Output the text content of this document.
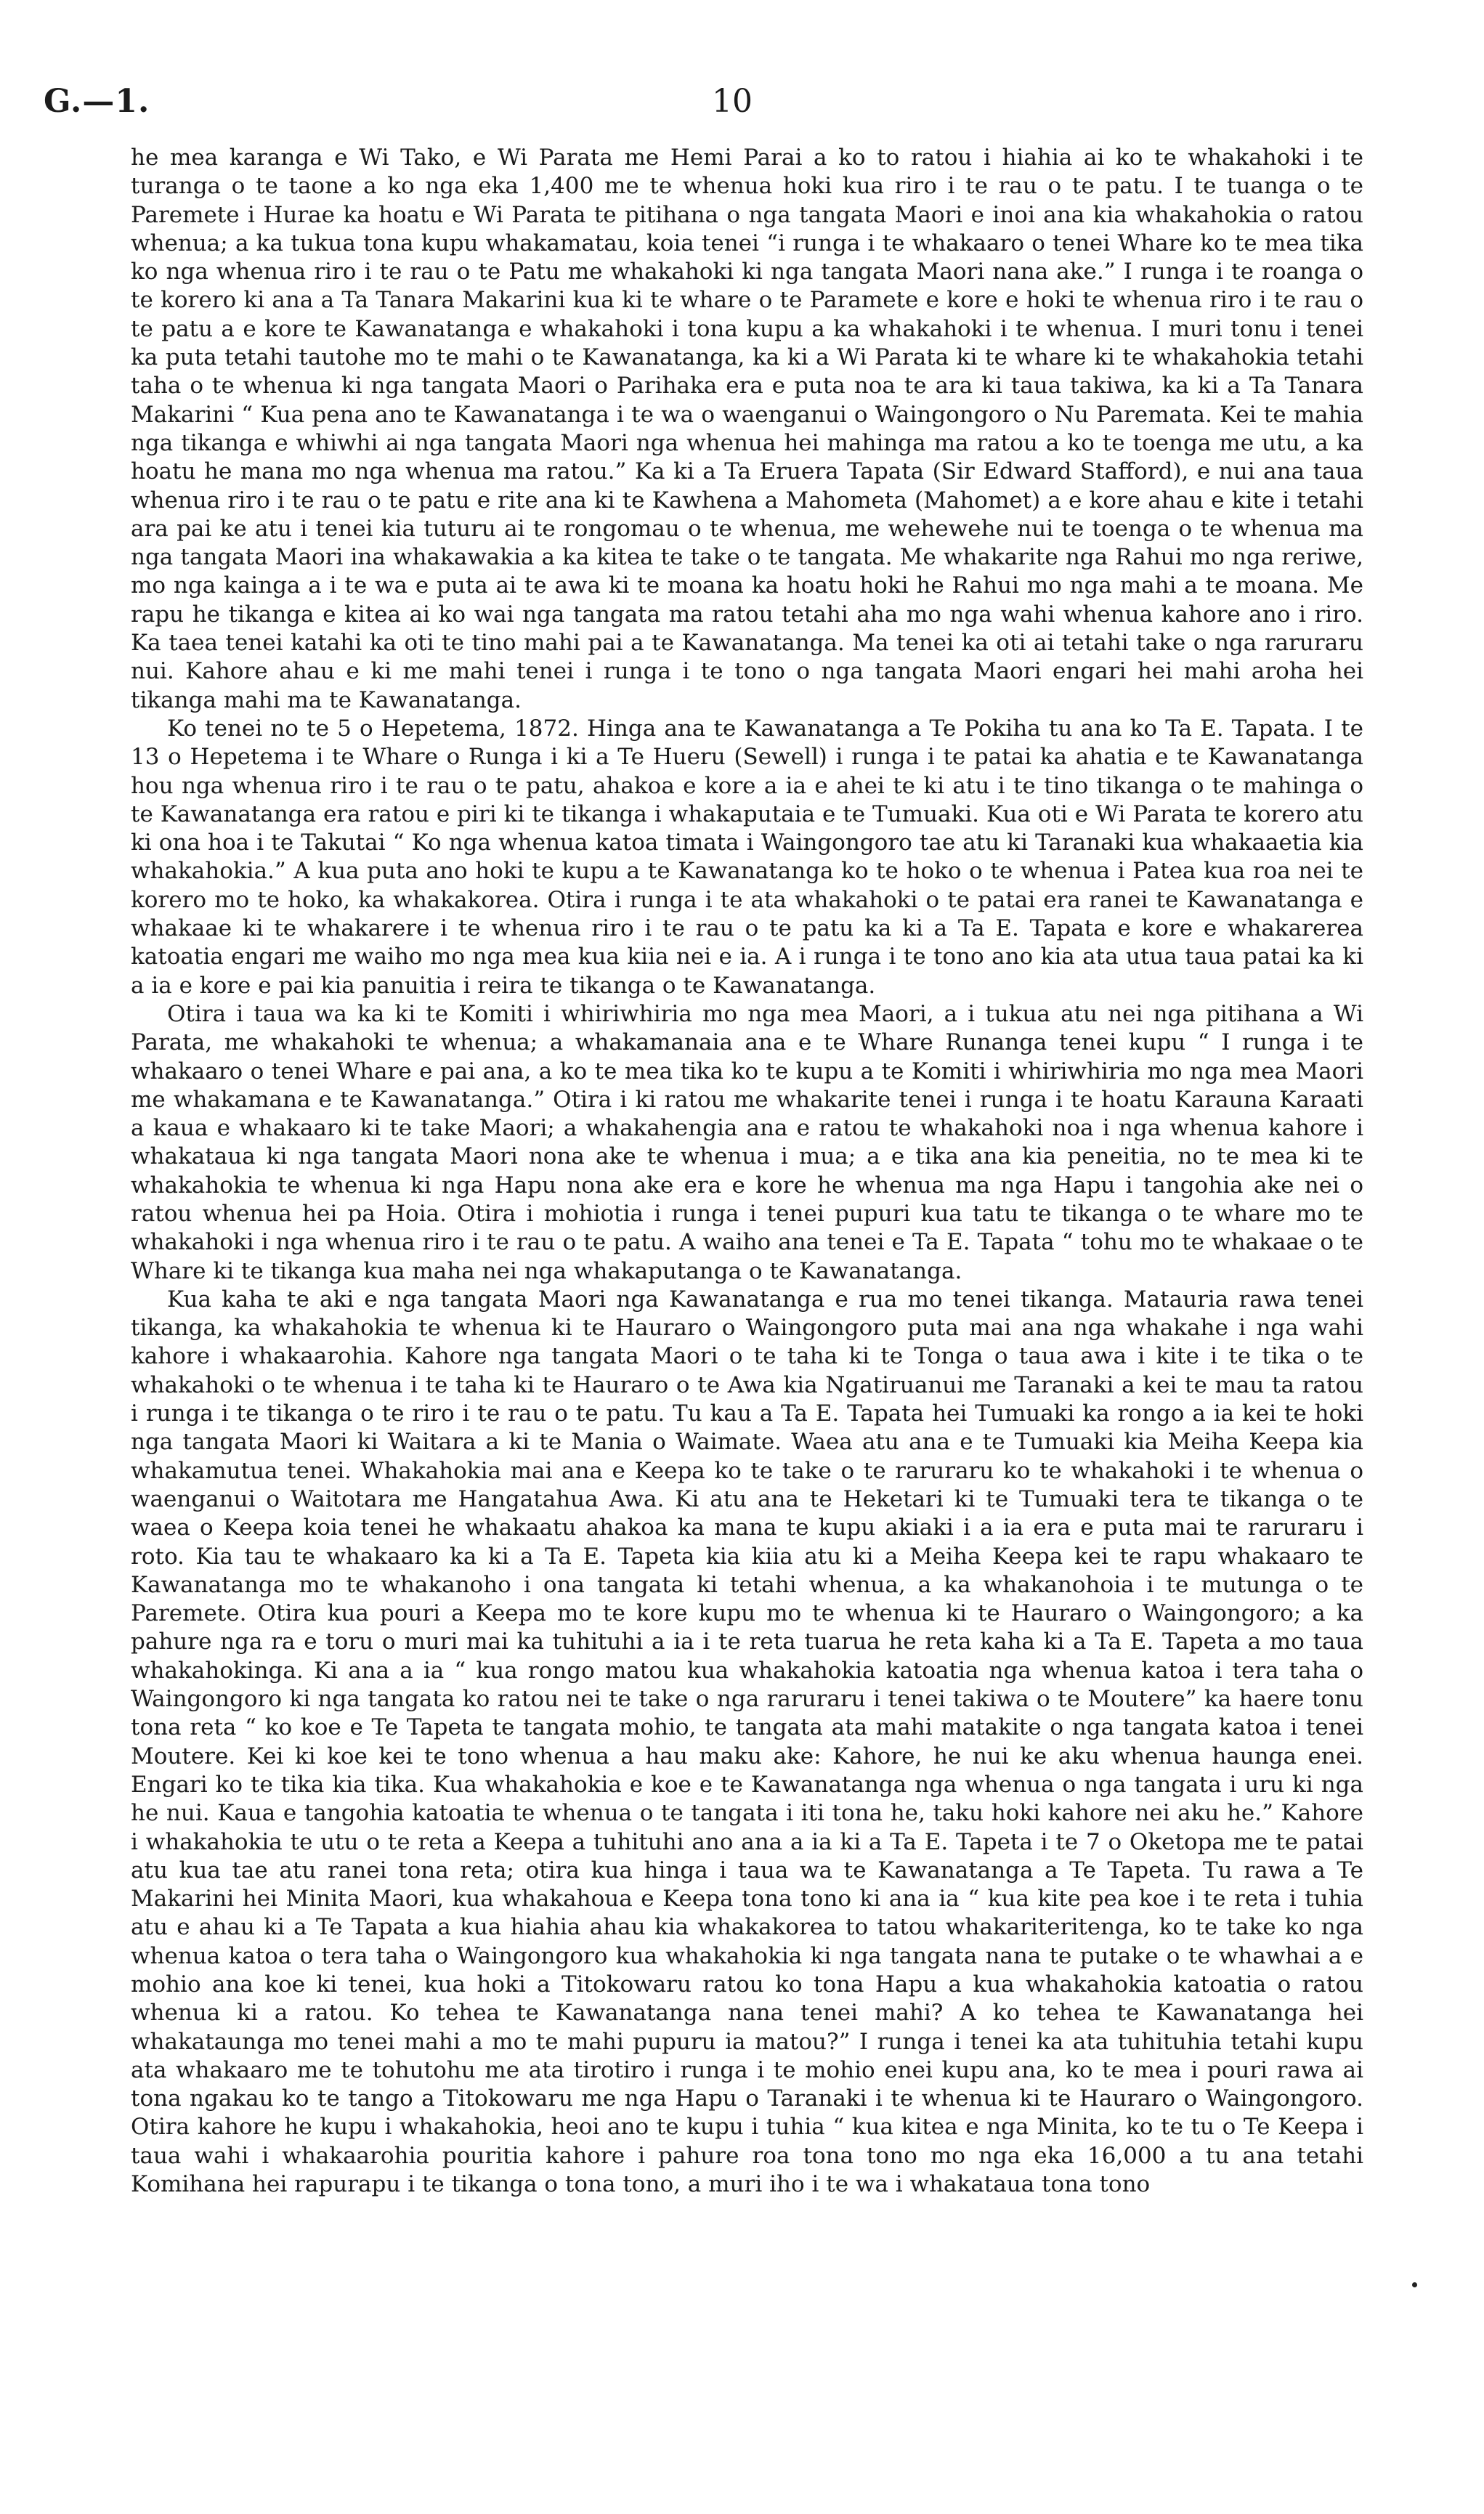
G.—1.	10

he mea karanga e Wi Tako, e Wi Parata me Hemi Parai a ko to ratou i hiahia ai ko te whakahoki i te turanga o te taone a ko nga eka 1,400 me te whenua hoki kua riro i te rau o te patu. I te tuanga o te Paremete i Hurae ka hoatu e Wi Parata te pitihana o nga tangata Maori e inoi ana kia whakahokia o ratou whenua; a ka tukua tona kupu whakamatau, koia tenei “i runga i te whakaaro o tenei Whare ko te mea tika ko nga whenua riro i te rau o te Patu me whakahoki ki nga tangata Maori nana ake.” I runga i te roanga o te korero ki ana a Ta Tanara Makarini kua ki te whare o te Paramete e kore e hoki te whenua riro i te rau o te patu a e kore te Kawanatanga e whakahoki i tona kupu a ka whakahoki i te whenua. I muri tonu i tenei ka puta tetahi tautohe mo te mahi o te Kawanatanga, ka ki a Wi Parata ki te whare ki te whakahokia tetahi taha o te whenua ki nga tangata Maori o Parihaka era e puta noa te ara ki taua takiwa, ka ki a Ta Tanara Makarini “ Kua pena ano te Kawanatanga i te wa o waenganui o Waingongoro o Nu Paremata. Kei te mahia nga tikanga e whiwhi ai nga tangata Maori nga whenua hei mahinga ma ratou a ko te toenga me utu, a ka hoatu he mana mo nga whenua ma ratou.” Ka ki a Ta Eruera Tapata (Sir Edward Stafford), e nui ana taua whenua riro i te rau o te patu e rite ana ki te Kawhena a Mahometa (Mahomet) a e kore ahau e kite i tetahi ara pai ke atu i tenei kia tuturu ai te rongomau o te whenua, me wehewehe nui te toenga o te whenua ma nga tangata Maori ina whakawakia a ka kitea te take o te tangata. Me whakarite nga Rahui mo nga reriwe, mo nga kainga a i te wa e puta ai te awa ki te moana ka hoatu hoki he Rahui mo nga mahi a te moana. Me rapu he tikanga e kitea ai ko wai nga tangata ma ratou tetahi aha mo nga wahi whenua kahore ano i riro. Ka taea tenei katahi ka oti te tino mahi pai a te Kawanatanga. Ma tenei ka oti ai tetahi take o nga raruraru nui. Kahore ahau e ki me mahi tenei i runga i te tono o nga tangata Maori engari hei mahi aroha hei tikanga mahi ma te Kawanatanga.

Ko tenei no te 5 o Hepetema, 1872. Hinga ana te Kawanatanga a Te Pokiha tu ana ko Ta E. Tapata. I te 13 o Hepetema i te Whare o Runga i ki a Te Hueru (Sewell) i runga i te patai ka ahatia e te Kawanatanga hou nga whenua riro i te rau o te patu, ahakoa e kore a ia e ahei te ki atu i te tino tikanga o te mahinga o te Kawanatanga era ratou e piri ki te tikanga i whakaputaia e te Tumuaki. Kua oti e Wi Parata te korero atu ki ona hoa i te Takutai “ Ko nga whenua katoa timata i Waingongoro tae atu ki Taranaki kua whakaaetia kia whakahokia.” A kua puta ano hoki te kupu a te Kawanatanga ko te hoko o te whenua i Patea kua roa nei te korero mo te hoko, ka whakakorea. Otira i runga i te ata whakahoki o te patai era ranei te Kawanatanga e whakaae ki te whakarere i te whenua riro i te rau o te patu ka ki a Ta E. Tapata e kore e whakarerea katoatia engari me waiho mo nga mea kua kiia nei e ia. A i runga i te tono ano kia ata utua taua patai ka ki a ia e kore e pai kia panuitia i reira te tikanga o te Kawanatanga.

Otira i taua wa ka ki te Komiti i whiriwhiria mo nga mea Maori, a i tukua atu nei nga pitihana a Wi Parata, me whakahoki te whenua; a whakamanaia ana e te Whare Runanga tenei kupu “ I runga i te whakaaro o tenei Whare e pai ana, a ko te mea tika ko te kupu a te Komiti i whiriwhiria mo nga mea Maori me whakamana e te Kawanatanga.” Otira i ki ratou me whakarite tenei i runga i te hoatu Karauna Karaati a kaua e whakaaro ki te take Maori; a whakahengia ana e ratou te whakahoki noa i nga whenua kahore i whakataua ki nga tangata Maori nona ake te whenua i mua; a e tika ana kia peneitia, no te mea ki te whakahokia te whenua ki nga Hapu nona ake era e kore he whenua ma nga Hapu i tangohia ake nei o ratou whenua hei pa Hoia. Otira i mohiotia i runga i tenei pupuri kua tatu te tikanga o te whare mo te whakahoki i nga whenua riro i te rau o te patu. A waiho ana tenei e Ta E. Tapata “ tohu mo te whakaae o te Whare ki te tikanga kua maha nei nga whakaputanga o te Kawanatanga.

Kua kaha te aki e nga tangata Maori nga Kawanatanga e rua mo tenei tikanga. Matauria rawa tenei tikanga, ka whakahokia te whenua ki te Hauraro o Waingongoro puta mai ana nga whakahe i nga wahi kahore i whakaarohia. Kahore nga tangata Maori o te taha ki te Tonga o taua awa i kite i te tika o te whakahoki o te whenua i te taha ki te Hauraro o te Awa kia Ngatiruanui me Taranaki a kei te mau ta ratou i runga i te tikanga o te riro i te rau o te patu. Tu kau a Ta E. Tapata hei Tumuaki ka rongo a ia kei te hoki nga tangata Maori ki Waitara a ki te Mania o Waimate. Waea atu ana e te Tumuaki kia Meiha Keepa kia whakamutua tenei. Whakahokia mai ana e Keepa ko te take o te raruraru ko te whakahoki i te whenua o waenganui o Waitotara me Hangatahua Awa. Ki atu ana te Heketari ki te Tumuaki tera te tikanga o te waea o Keepa koia tenei he whakaatu ahakoa ka mana te kupu akiaki i a ia era e puta mai te raruraru i roto. Kia tau te whakaaro ka ki a Ta E. Tapeta kia kiia atu ki a Meiha Keepa kei te rapu whakaaro te Kawanatanga mo te whakanoho i ona tangata ki tetahi whenua, a ka whakanohoia i te mutunga o te Paremete. Otira kua pouri a Keepa mo te kore kupu mo te whenua ki te Hauraro o Waingongoro; a ka pahure nga ra e toru o muri mai ka tuhituhi a ia i te reta tuarua he reta kaha ki a Ta E. Tapeta a mo taua whakahokinga. Ki ana a ia “ kua rongo matou kua whakahokia katoatia nga whenua katoa i tera taha o Waingongoro ki nga tangata ko ratou nei te take o nga raruraru i tenei takiwa o te Moutere” ka haere tonu tona reta “ ko koe e Te Tapeta te tangata mohio, te tangata ata mahi matakite o nga tangata katoa i tenei Moutere. Kei ki koe kei te tono whenua a hau maku ake: Kahore, he nui ke aku whenua haunga enei. Engari ko te tika kia tika. Kua whakahokia e koe e te Kawanatanga nga whenua o nga tangata i uru ki nga he nui. Kaua e tangohia katoatia te whenua o te tangata i iti tona he, taku hoki kahore nei aku he.” Kahore i whakahokia te utu o te reta a Keepa a tuhituhi ano ana a ia ki a Ta E. Tapeta i te 7 o Oketopa me te patai atu kua tae atu ranei tona reta; otira kua hinga i taua wa te Kawanatanga a Te Tapeta. Tu rawa a Te Makarini hei Minita Maori, kua whakahoua e Keepa tona tono ki ana ia “ kua kite pea koe i te reta i tuhia atu e ahau ki a Te Tapata a kua hiahia ahau kia whakakorea to tatou whakariteritenga, ko te take ko nga whenua katoa o tera taha o Waingongoro kua whakahokia ki nga tangata nana te putake o te whawhai a e mohio ana koe ki tenei, kua hoki a Titokowaru ratou ko tona Hapu a kua whakahokia katoatia o ratou whenua ki a ratou. Ko tehea te Kawanatanga nana tenei mahi? A ko tehea te Kawanatanga hei whakataunga mo tenei mahi a mo te mahi pupuru ia matou?” I runga i tenei ka ata tuhituhia tetahi kupu ata whakaaro me te tohutohu me ata tirotiro i runga i te mohio enei kupu ana, ko te mea i pouri rawa ai tona ngakau ko te tango a Titokowaru me nga Hapu o Taranaki i te whenua ki te Hauraro o Waingongoro. Otira kahore he kupu i whakahokia, heoi ano te kupu i tuhia “ kua kitea e nga Minita, ko te tu o Te Keepa i taua wahi i whakaarohia pouritia kahore i pahure roa tona tono mo nga eka 16,000 a tu ana tetahi Komihana hei rapurapu i te tikanga o tona tono, a muri iho i te wa i whakataua tona tono
